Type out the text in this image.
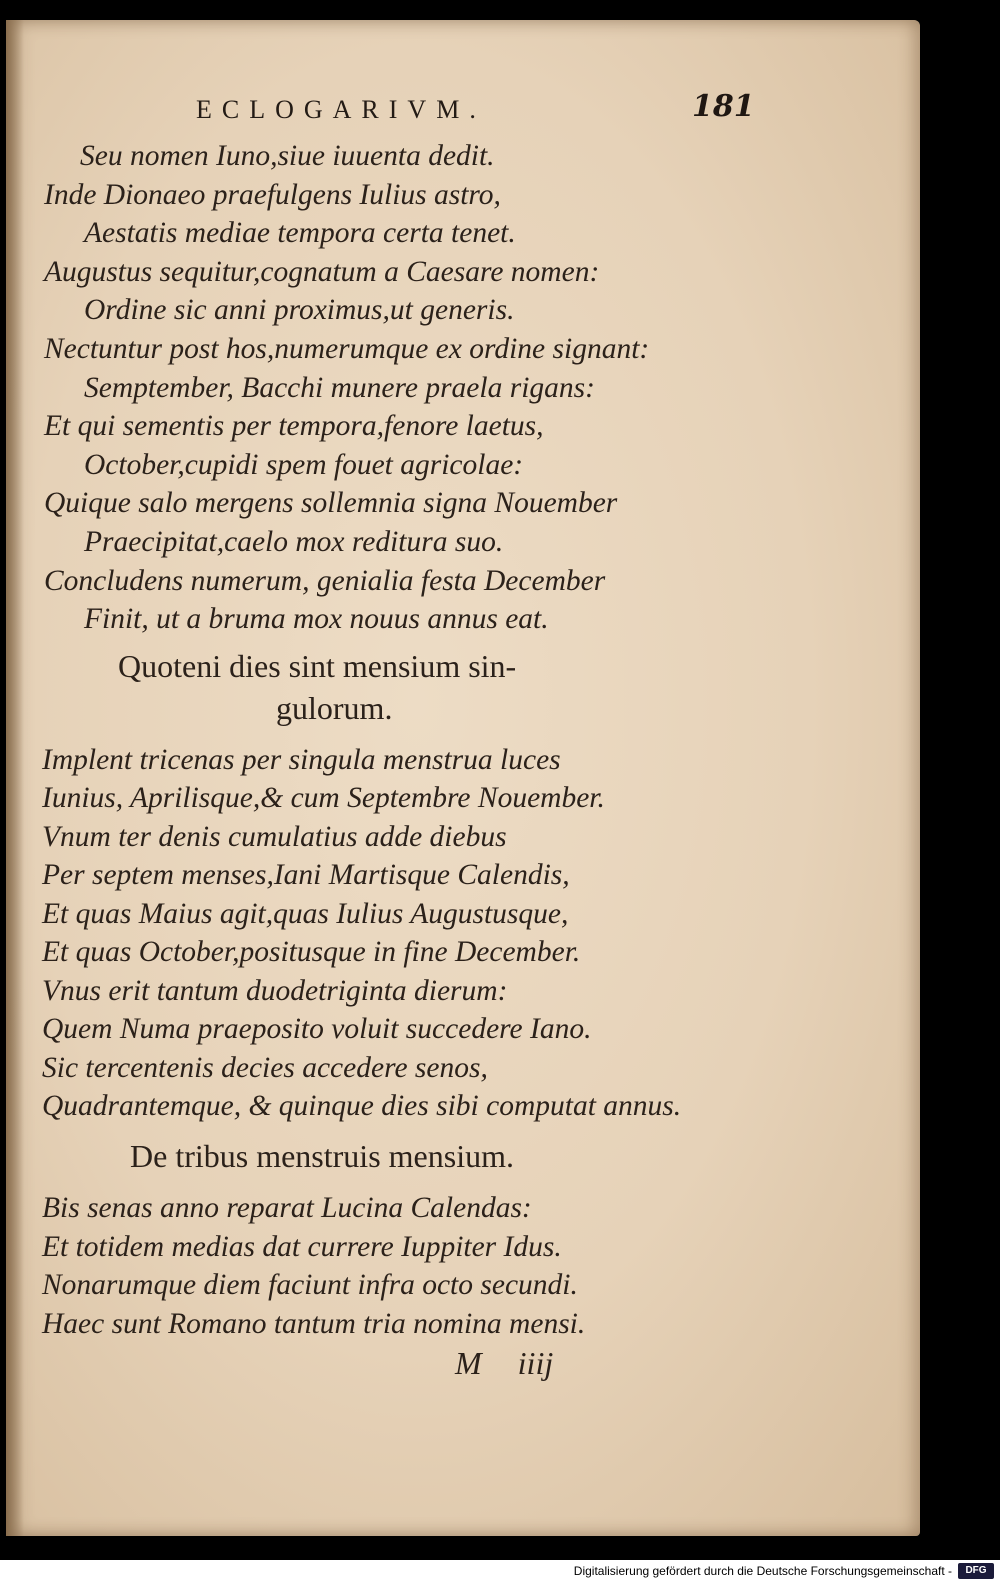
ECLOGARIVM.	181
Seu nomen Iuno,siue iuuenta dedit.
Inde Dionaeo praefulgens Iulius astro,
Aestatis mediae tempora certa tenet.
Augustus sequitur,cognatum a Caesare nomen:
Ordine sic anni proximus,ut generis.
Nectuntur post hos,numerumque ex ordine signant:
Semptember, Bacchi munere praela rigans:
Et qui sementis per tempora,fenore laetus,
October,cupidi spem fouet agricolae:
Quique salo mergens sollemnia signa Nouember
Praecipitat,caelo mox reditura suo.
Concludens numerum, genialia festa December
Finit, ut a bruma mox nouus annus eat.
Quoteni dies sint mensium sin-
gulorum.
Implent tricenas per singula menstrua luces
Iunius, Aprilisque,& cum Septembre Nouember.
Vnum ter denis cumulatius adde diebus
Per septem menses,Iani Martisque Calendis,
Et quas Maius agit,quas Iulius Augustusque,
Et quas October,positusque in fine December.
Vnus erit tantum duodetriginta dierum:
Quem Numa praeposito voluit succedere Iano.
Sic tercentenis decies accedere senos,
Quadrantemque, & quinque dies sibi computat annus.
De tribus menstruis mensium.
Bis senas anno reparat Lucina Calendas:
Et totidem medias dat currere Iuppiter Idus.
Nonarumque diem faciunt infra octo secundi.
Haec sunt Romano tantum tria nomina mensi.
M iiij
Digitalisierung gefördert durch die Deutsche Forschungsgemeinschaft -	DFG
